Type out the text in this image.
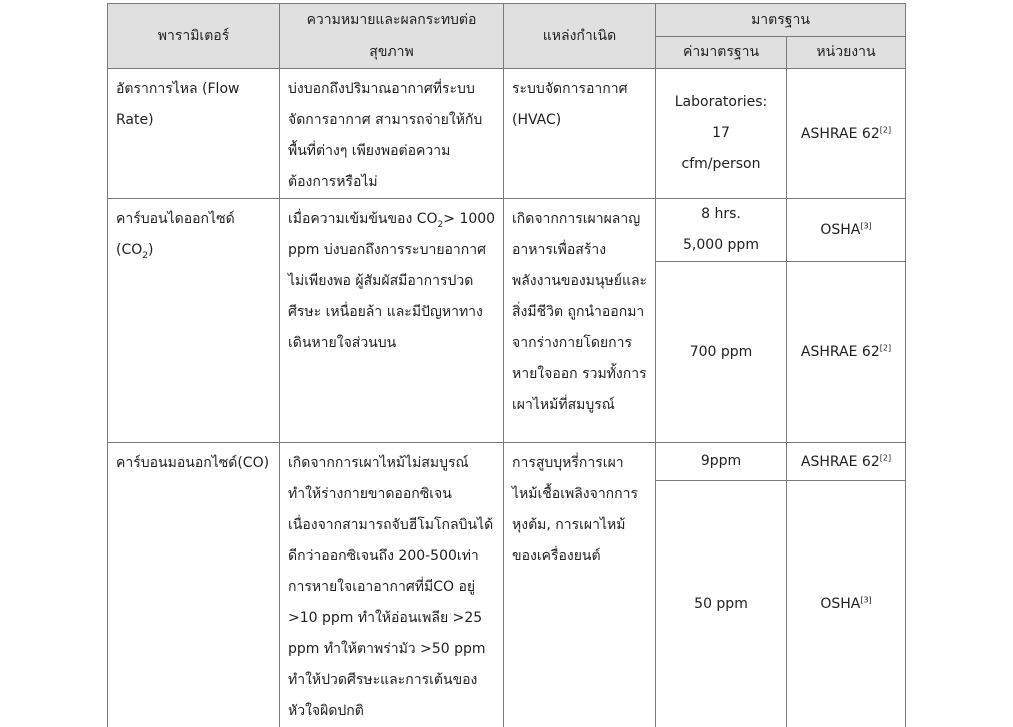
พารามิเตอร์	ความหมายและผลกระทบต่อสุขภาพ	แหล่งกำเนิด	มาตรฐาน	
			ค่ามาตรฐาน	หน่วยงาน
อัตราการไหล (Flow Rate)	บ่งบอกถึงปริมาณอากาศที่ระบบจัดการอากาศ สามารถจ่ายให้กับพื้นที่ต่างๆ เพียงพอต่อความต้องการหรือไม่	ระบบจัดการอากาศ (HVAC)	Laboratories:
17
cfm/person	ASHRAE 62[2]
คาร์บอนไดออกไซด์ $(CO_2)$	เมื่อความเข้มข้นของ $CO_2> 1000$ ppm บ่งบอกถึงการระบายอากาศไม่เพียงพอ ผู้สัมผัสมีอาการปวดศีรษะ เหนื่อยล้า และมีปัญหาทางเดินหายใจส่วนบน	เกิดจากการเผาผลาญอาหารเพื่อสร้างพลังงานของมนุษย์และสิ่งมีชีวิต ถูกนำออกมาจากร่างกายโดยการหายใจออก รวมทั้งการเผาไหม้ที่สมบูรณ์	8 hrs.
5,000 ppm	OSHA[3]
			700 ppm	ASHRAE 62[2]
คาร์บอนมอนอกไซด์(CO)	เกิดจากการเผาไหม้ไม่สมบูรณ์ทำให้ร่างกายขาดออกซิเจนเนื่องจากสามารถจับฮีโมโกลบินได้ดีกว่าออกซิเจนถึง 200-500เท่า การหายใจเอาอากาศที่มีCO อยู่ >10 ppm ทำให้อ่อนเพลีย >25 ppm ทำให้ตาพร่ามัว >50 ppm ทำให้ปวดศีรษะและการเต้นของหัวใจผิดปกติ	การสูบบุหรี่การเผาไหม้เชื้อเพลิงจากการหุงต้ม, การเผาไหม้ของเครื่องยนต์	9ppm	ASHRAE 62[2]
			50 ppm	OSHA[3]
